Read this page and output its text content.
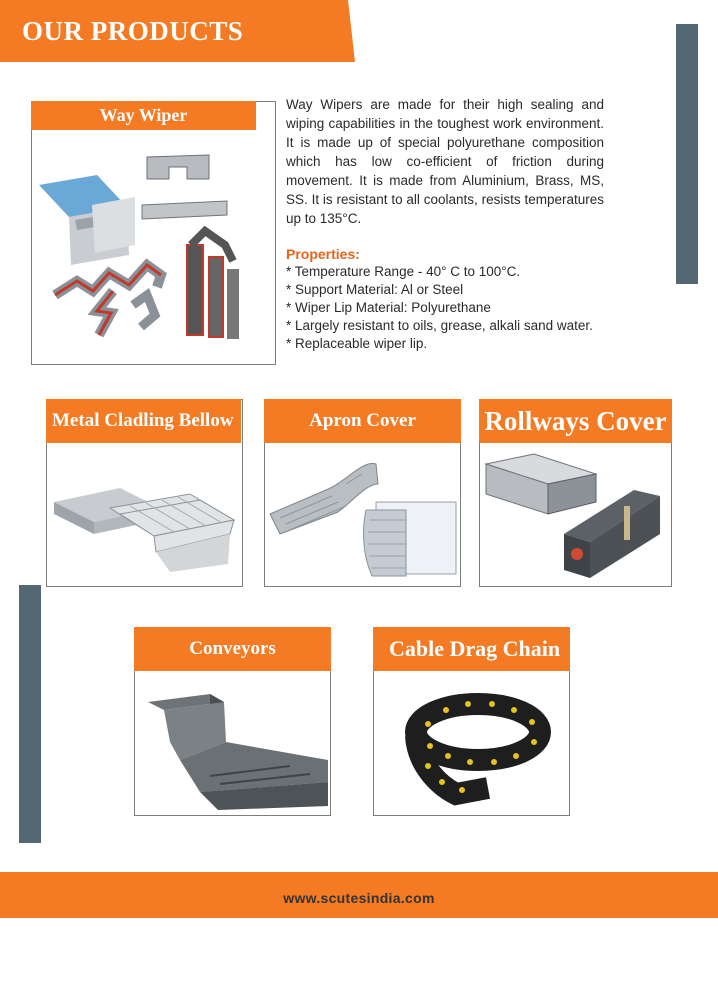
OUR PRODUCTS
Way Wiper

Way Wipers are made for their high sealing and wiping capabilities in the toughest work environment. It is made up of special polyurethane composition which has low co-efficient of friction during movement. It is made from Aluminium, Brass, MS, SS. It is resistant to all coolants, resists temperatures up to 135°C.

Properties:

* Temperature Range - 40° C to 100°C.
* Support Material: Al or Steel
* Wiper Lip Material: Polyurethane
* Largely resistant to oils, grease, alkali sand water.
* Replaceable wiper lip.
Metal Cladling Bellow	Apron Cover	Rollways Cover
Conveyors	Cable Drag Chain
www.scutesindia.com
